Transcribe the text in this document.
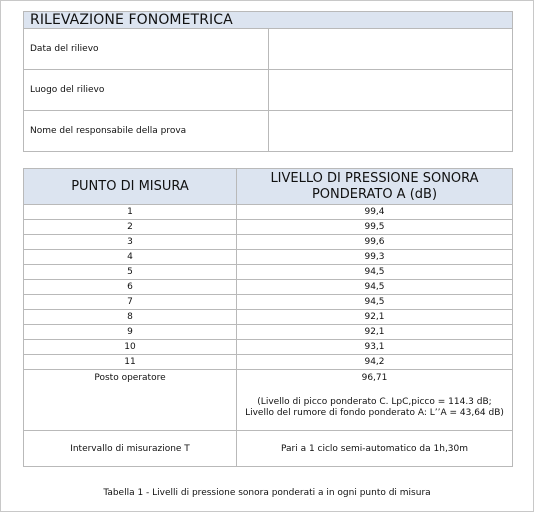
RILEVAZIONE FONOMETRICA	
Data del rilievo	
Luogo del rilievo	
Nome del responsabile della prova	
PUNTO DI MISURA	LIVELLO DI PRESSIONE SONORA
PONDERATO A (dB)
1	99,4
2	99,5
3	99,6
4	99,3
5	94,5
6	94,5
7	94,5
8	92,1
9	92,1
10	93,1
11	94,2
Posto operatore	96,71
(Livello di picco ponderato C. LpC,picco = 114.3 dB;
Livello del rumore di fondo ponderato A: L’’A = 43,64 dB)

Intervallo di misurazione T	Pari a 1 ciclo semi-automatico da 1h,30m
Tabella 1 - Livelli di pressione sonora ponderati a in ogni punto di misura
